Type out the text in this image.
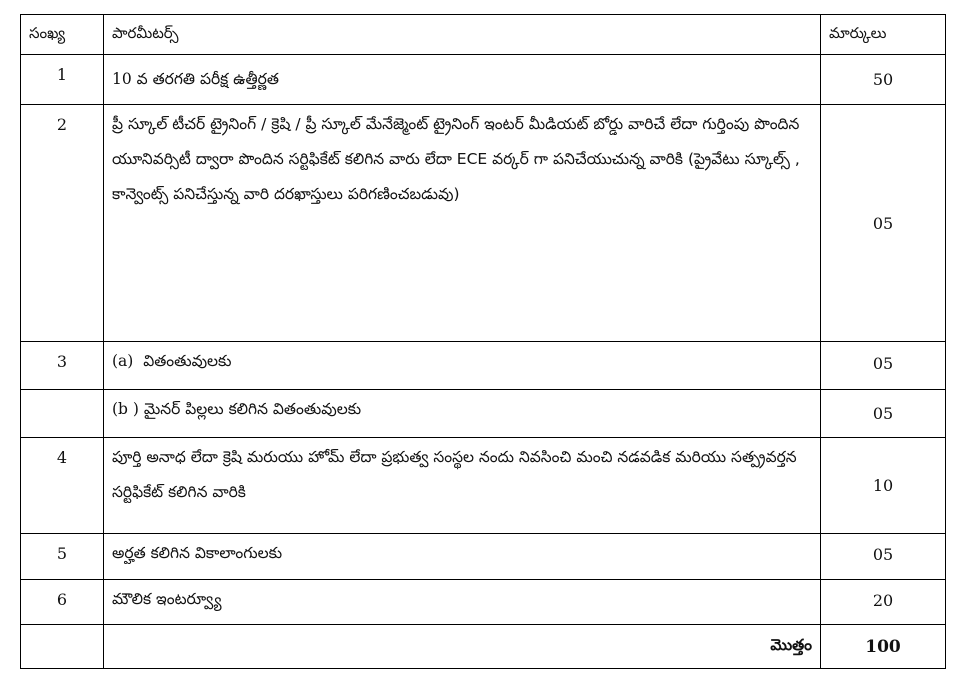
సంఖ్య	పారమీటర్స్	మార్కులు
1	10 వ తరగతి పరీక్ష ఉత్తీర్ణత	50
2	ప్రీ స్కూల్ టీచర్ ట్రైనింగ్ / క్రెషి / ప్రీ స్కూల్ మేనేజ్మెంట్ ట్రైనింగ్ ఇంటర్ మీడియట్ బోర్డు వారిచే లేదా గుర్తింపు పొందిన యూనివర్సిటీ ద్వారా పొందిన సర్టిఫికేట్ కలిగిన వారు లేదా ECE వర్కర్ గా పనిచేయుచున్న వారికి (ప్రైవేటు స్కూల్స్ , కాన్వెంట్స్ పనిచేస్తున్న వారి దరఖాస్తులు పరిగణించబడువు)	05
3	(a) వితంతువులకు	05
	(b ) మైనర్ పిల్లలు కలిగిన వితంతువులకు	05
4	పూర్తి అనాధ లేదా క్రెషి మరుయు హోమ్ లేదా ప్రభుత్వ సంస్థల నందు నివసించి మంచి నడవడిక మరియు సత్ప్రవర్తన సర్టిఫికేట్ కలిగిన వారికి	10
5	అర్హత కలిగిన వికాలాంగులకు	05
6	మౌలిక ఇంటర్వ్యూ	20
	మొత్తం	100
